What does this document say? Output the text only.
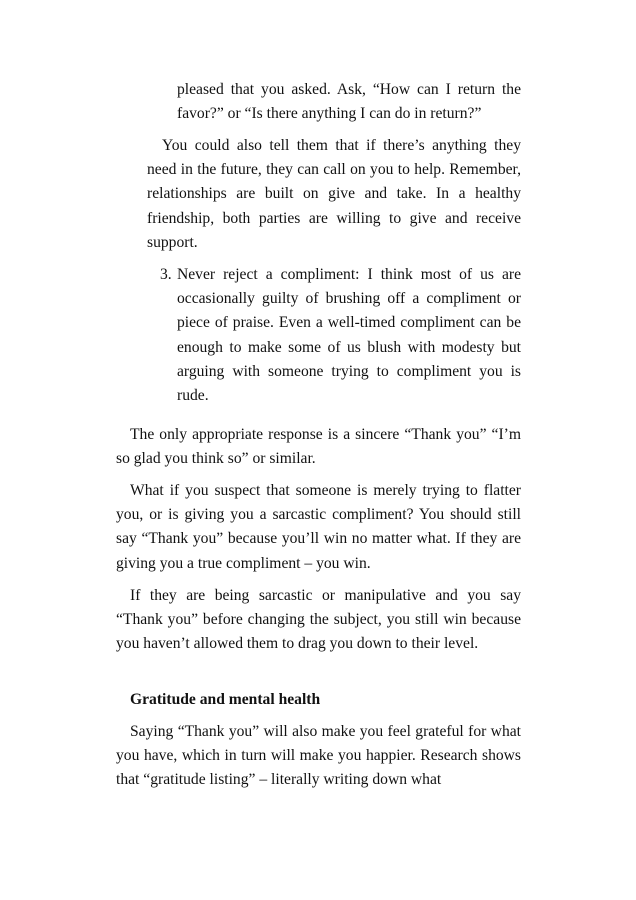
pleased that you asked. Ask, “How can I return the favor?” or “Is there anything I can do in return?”

You could also tell them that if there’s anything they need in the future, they can call on you to help. Remember, relationships are built on give and take. In a healthy friendship, both parties are willing to give and receive support.

3. Never reject a compliment: I think most of us are occasionally guilty of brushing off a compliment or piece of praise. Even a well-timed compliment can be enough to make some of us blush with modesty but arguing with someone trying to compliment you is rude.

The only appropriate response is a sincere “Thank you” “I’m so glad you think so” or similar.

What if you suspect that someone is merely trying to flatter you, or is giving you a sarcastic compliment? You should still say “Thank you” because you’ll win no matter what. If they are giving you a true compliment – you win.

If they are being sarcastic or manipulative and you say “Thank you” before changing the subject, you still win because you haven’t allowed them to drag you down to their level.

Gratitude and mental health

Saying “Thank you” will also make you feel grateful for what you have, which in turn will make you happier. Research shows that “gratitude listing” – literally writing down what
